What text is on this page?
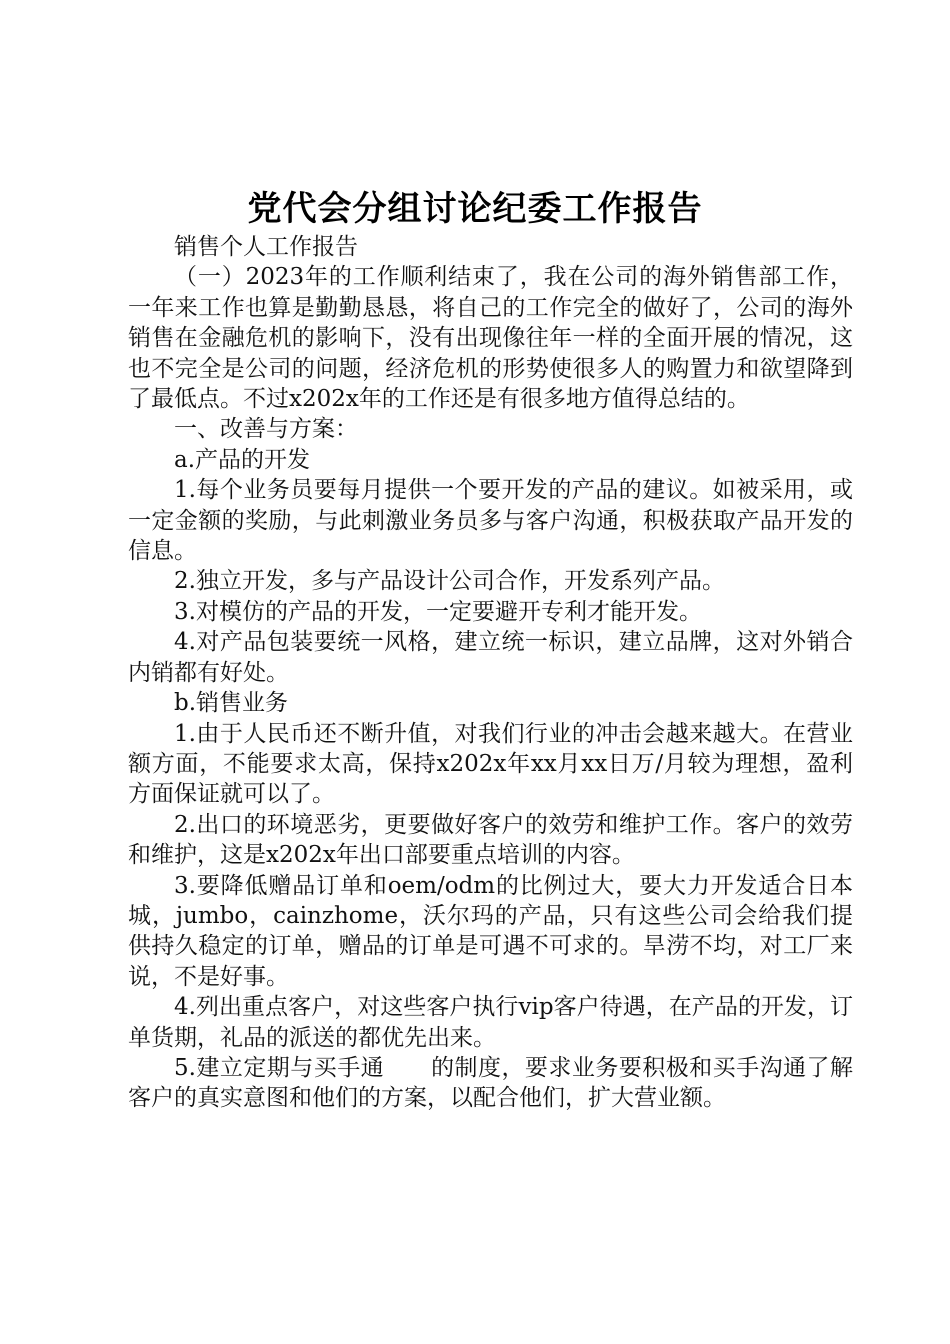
党代会分组讨论纪委工作报告

销售个人工作报告

（一）2023年的工作顺利结束了，我在公司的海外销售部工作，一年来工作也算是勤勤恳恳，将自己的工作完全的做好了，公司的海外销售在金融危机的影响下，没有出现像往年一样的全面开展的情况，这也不完全是公司的问题，经济危机的形势使很多人的购置力和欲望降到了最低点。不过x202x年的工作还是有很多地方值得总结的。

一、改善与方案：

a.产品的开发

1.每个业务员要每月提供一个要开发的产品的建议。如被采用，或一定金额的奖励，与此刺激业务员多与客户沟通，积极获取产品开发的信息。

2.独立开发，多与产品设计公司合作，开发系列产品。

3.对模仿的产品的开发，一定要避开专利才能开发。

4.对产品包装要统一风格，建立统一标识，建立品牌，这对外销合内销都有好处。

b.销售业务

1.由于人民币还不断升值，对我们行业的冲击会越来越大。在营业额方面，不能要求太高，保持x202x年xx月xx日万/月较为理想，盈利方面保证就可以了。

2.出口的环境恶劣，更要做好客户的效劳和维护工作。客户的效劳和维护，这是x202x年出口部要重点培训的内容。

3.要降低赠品订单和oem/odm的比例过大，要大力开发适合日本城，jumbo，cainzhome，沃尔玛的产品，只有这些公司会给我们提供持久稳定的订单，赠品的订单是可遇不可求的。旱涝不均，对工厂来说，不是好事。

4.列出重点客户，对这些客户执行vip客户待遇，在产品的开发，订单货期，礼品的派送的都优先出来。

5.建立定期与买手通　　的制度，要求业务要积极和买手沟通了解客户的真实意图和他们的方案，以配合他们，扩大营业额。
